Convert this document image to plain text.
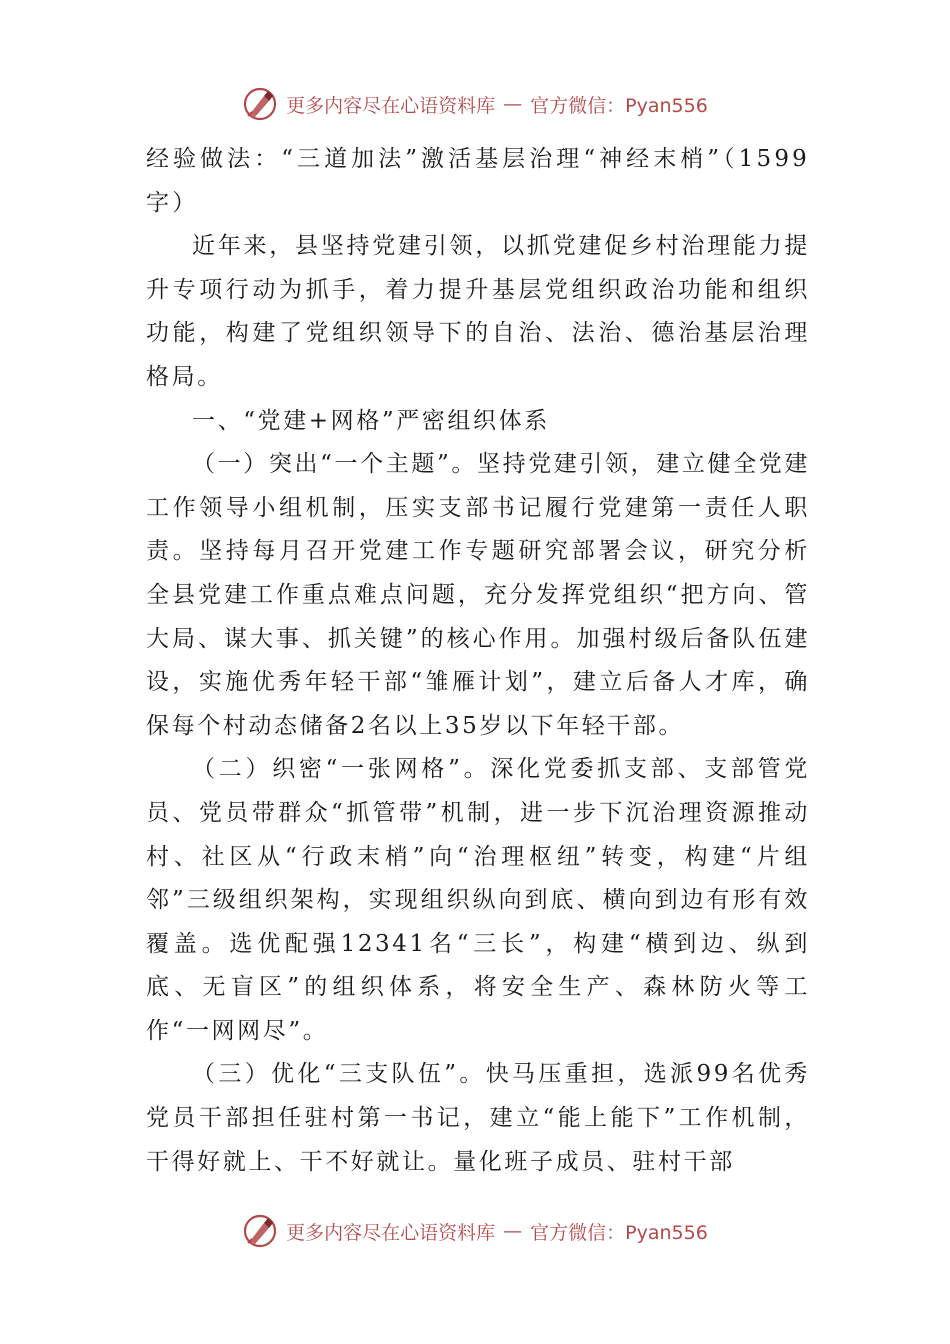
更多内容尽在心语资料库 — 官方微信：Pyan556

经验做法：“三道加法”激活基层治理“神经末梢”（1599字）

近年来，县坚持党建引领，以抓党建促乡村治理能力提升专项行动为抓手，着力提升基层党组织政治功能和组织功能，构建了党组织领导下的自治、法治、德治基层治理格局。

一、“党建+网格”严密组织体系

（一）突出“一个主题”。坚持党建引领，建立健全党建工作领导小组机制，压实支部书记履行党建第一责任人职责。坚持每月召开党建工作专题研究部署会议，研究分析全县党建工作重点难点问题，充分发挥党组织“把方向、管大局、谋大事、抓关键”的核心作用。加强村级后备队伍建设，实施优秀年轻干部“雏雁计划”，建立后备人才库，确保每个村动态储备2名以上35岁以下年轻干部。

（二）织密“一张网格”。深化党委抓支部、支部管党员、党员带群众“抓管带”机制，进一步下沉治理资源推动村、社区从“行政末梢”向“治理枢纽”转变，构建“片组邻”三级组织架构，实现组织纵向到底、横向到边有形有效覆盖。选优配强12341名“三长”，构建“横到边、纵到底、无盲区”的组织体系，将安全生产、森林防火等工作“一网网尽”。

（三）优化“三支队伍”。快马压重担，选派99名优秀党员干部担任驻村第一书记，建立“能上能下”工作机制，干得好就上、干不好就让。量化班子成员、驻村干部

更多内容尽在心语资料库 — 官方微信：Pyan556
